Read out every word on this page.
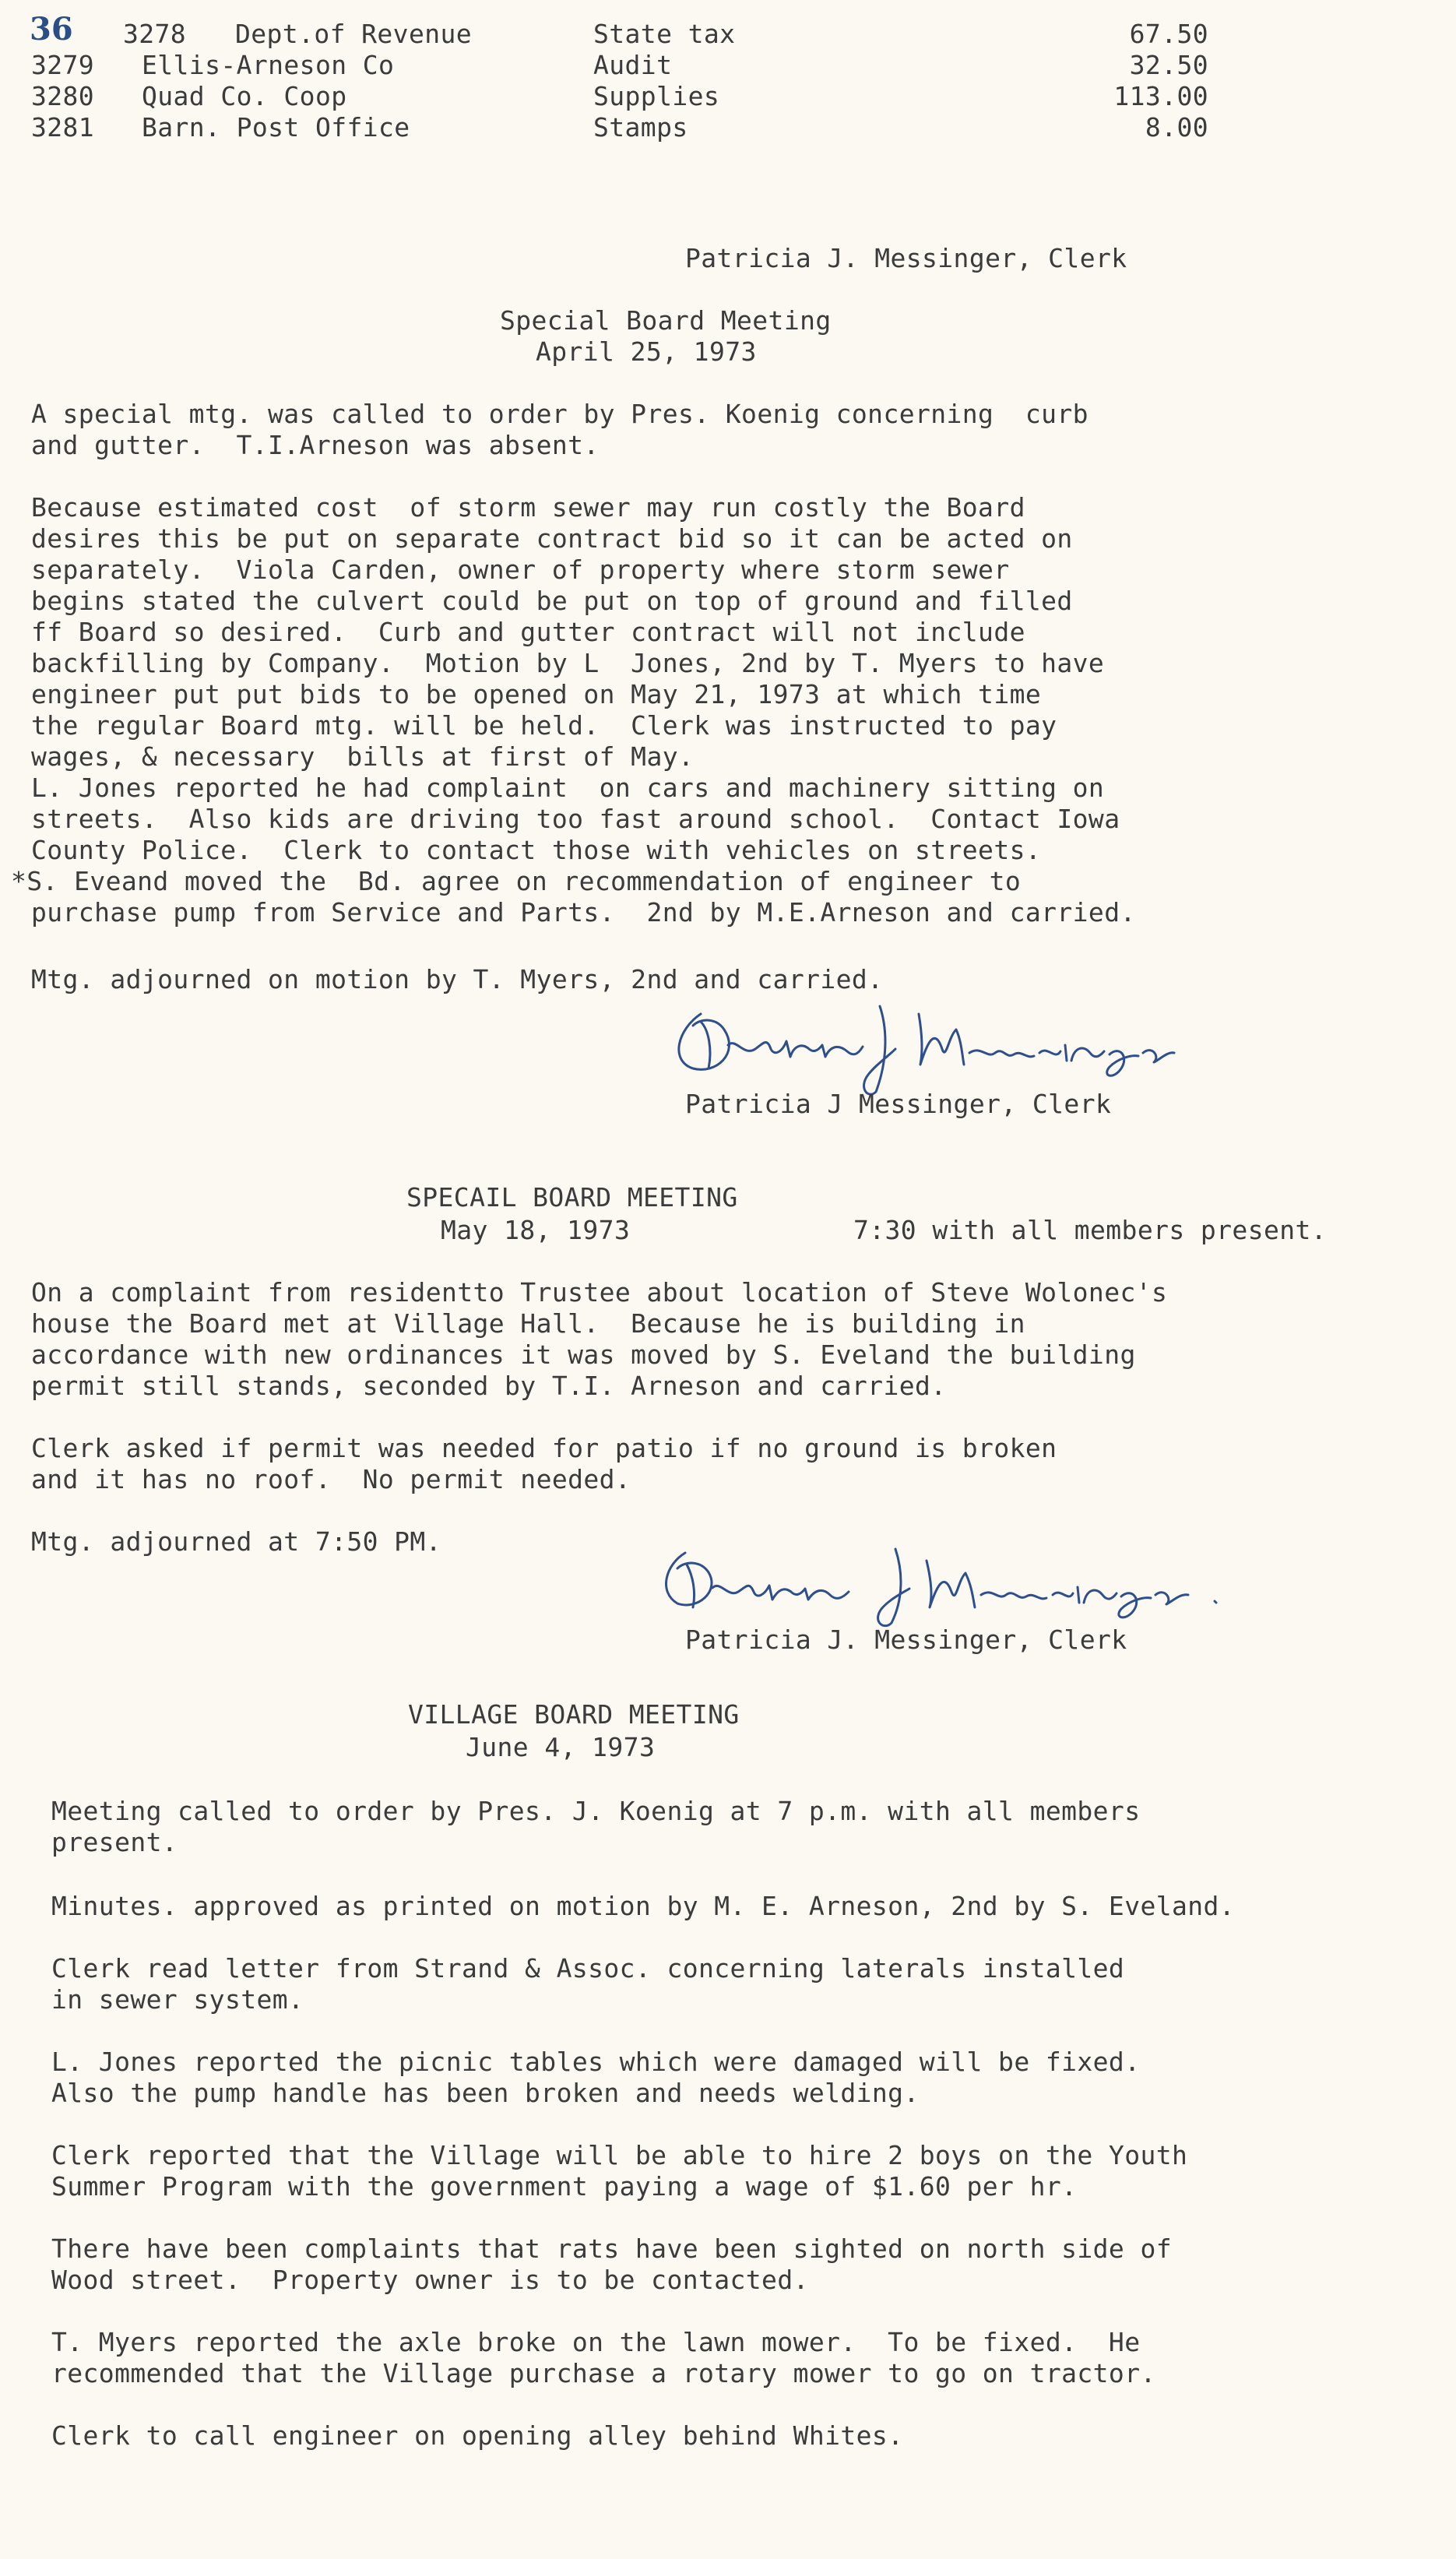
36 3278 Dept.of Revenue	State tax	67.50
3279 Ellis-Arneson Co	Audit	32.50
3280 Quad Co. Coop	Supplies	113.00
3281 Barn. Post Office	Stamps	8.00
Patricia J. Messinger, Clerk
Special Board Meeting
April 25, 1973
A special mtg. was called to order by Pres. Koenig concerning  curb
and gutter.  T.I.Arneson was absent.
Because estimated cost  of storm sewer may run costly the Board
desires this be put on separate contract bid so it can be acted on
separately.  Viola Carden, owner of property where storm sewer
begins stated the culvert could be put on top of ground and filled
ff Board so desired.  Curb and gutter contract will not include
backfilling by Company.  Motion by L  Jones, 2nd by T. Myers to have
engineer put put bids to be opened on May 21, 1973 at which time
the regular Board mtg. will be held.  Clerk was instructed to pay
wages, & necessary  bills at first of May.
L. Jones reported he had complaint  on cars and machinery sitting on
streets.  Also kids are driving too fast around school.  Contact Iowa
County Police.  Clerk to contact those with vehicles on streets.
*S. Eveand moved the  Bd. agree on recommendation of engineer to
purchase pump from Service and Parts.  2nd by M.E.Arneson and carried.
Mtg. adjourned on motion by T. Myers, 2nd and carried.
Patricia J Messinger, Clerk
SPECAIL BOARD MEETING
May 18, 1973	7:30 with all members present.
On a complaint from residentto Trustee about location of Steve Wolonec's
house the Board met at Village Hall.  Because he is building in
accordance with new ordinances it was moved by S. Eveland the building
permit still stands, seconded by T.I. Arneson and carried.
Clerk asked if permit was needed for patio if no ground is broken
and it has no roof.  No permit needed.
Mtg. adjourned at 7:50 PM.
Patricia J. Messinger, Clerk
VILLAGE BOARD MEETING
June 4, 1973
Meeting called to order by Pres. J. Koenig at 7 p.m. with all members
present.
Minutes. approved as printed on motion by M. E. Arneson, 2nd by S. Eveland.
Clerk read letter from Strand & Assoc. concerning laterals installed
in sewer system.
L. Jones reported the picnic tables which were damaged will be fixed.
Also the pump handle has been broken and needs welding.
Clerk reported that the Village will be able to hire 2 boys on the Youth
Summer Program with the government paying a wage of $1.60 per hr.
There have been complaints that rats have been sighted on north side of
Wood street.  Property owner is to be contacted.
T. Myers reported the axle broke on the lawn mower.  To be fixed.  He
recommended that the Village purchase a rotary mower to go on tractor.
Clerk to call engineer on opening alley behind Whites.
